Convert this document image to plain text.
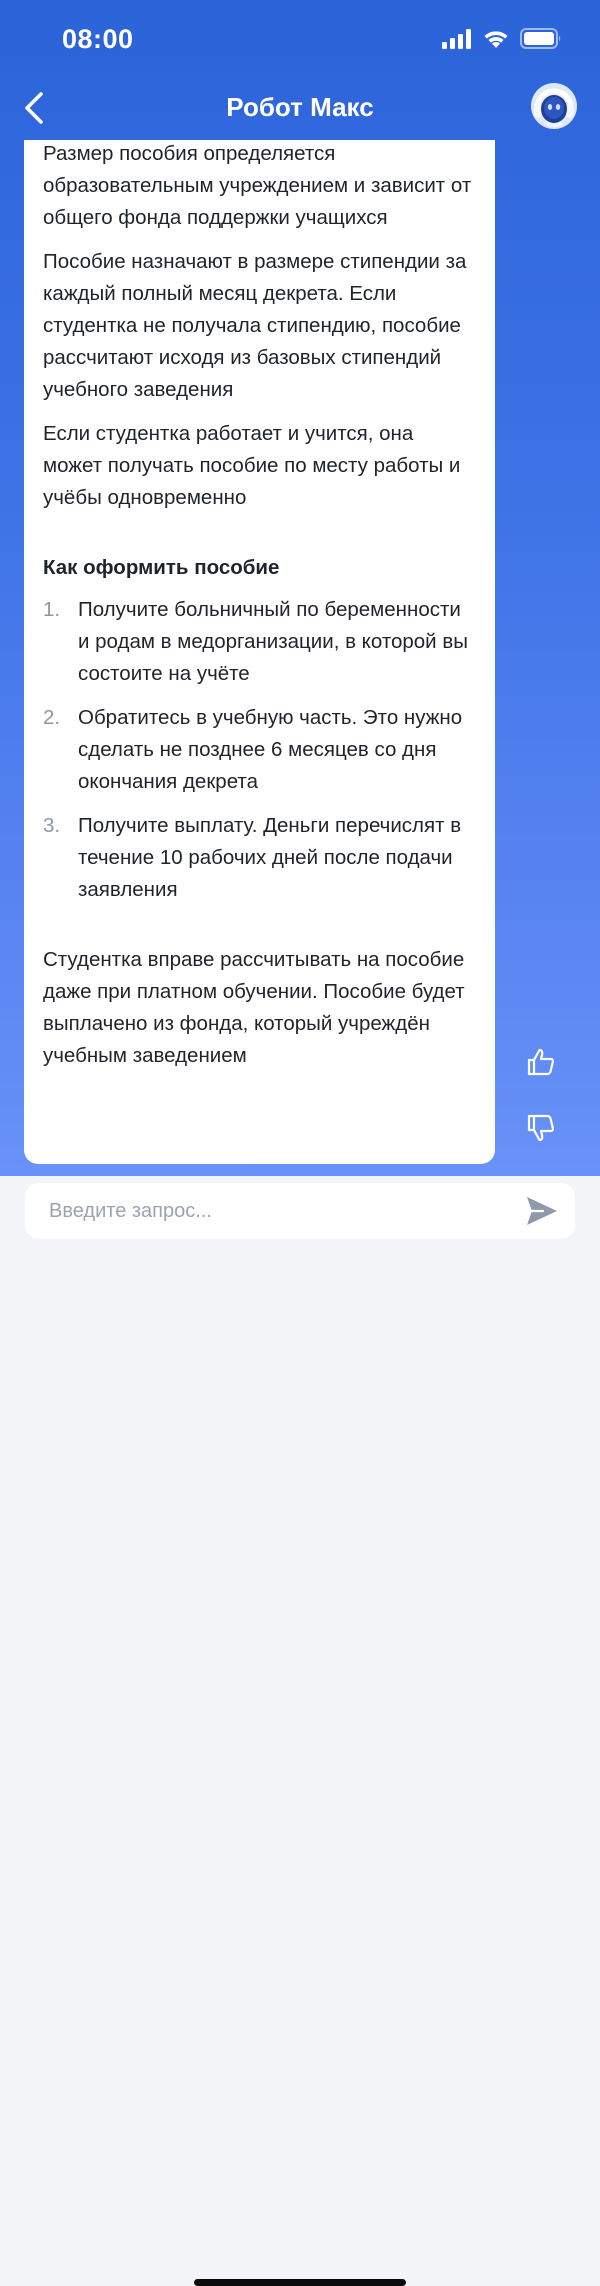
08:00
Робот Макс

Размер пособия определяется образовательным учреждением и зависит от общего фонда поддержки учащихся

Пособие назначают в размере стипендии за каждый полный месяц декрета. Если студентка не получала стипендию, пособие рассчитают исходя из базовых стипендий учебного заведения

Если студентка работает и учится, она может получать пособие по месту работы и учёбы одновременно

Как оформить пособие
1. Получите больничный по беременности и родам в медорганизации, в которой вы состоите на учёте
2. Обратитесь в учебную часть. Это нужно сделать не позднее 6 месяцев со дня окончания декрета
3. Получите выплату. Деньги перечислят в течение 10 рабочих дней после подачи заявления

Студентка вправе рассчитывать на пособие даже при платном обучении. Пособие будет выплачено из фонда, который учреждён учебным заведением

Введите запрос...
